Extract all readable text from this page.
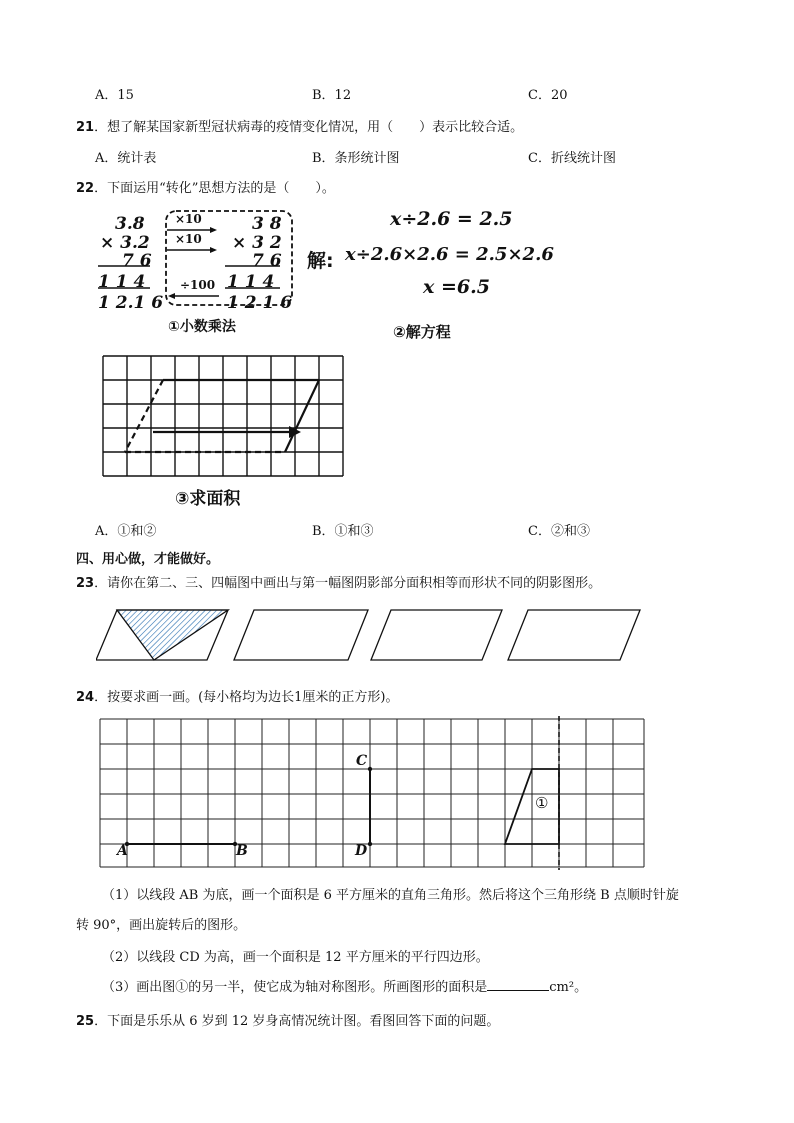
A．15	B．12	C．20
21．想了解某国家新型冠状病毒的疫情变化情况，用（　　）表示比较合适。
A．统计表	B．条形统计图	C．折线统计图
22．下面运用“转化”思想方法的是（　　）。
3.8
× 3.2
7 6
1 1 4
1 2.1 6
×10
×10
÷100
3 8
× 3 2
7 6
1 1 4
1 2 1 6
①小数乘法
x÷2.6 = 2.5
解: x÷2.6×2.6 = 2.5×2.6
x =6.5
②解方程
③求面积
A．①和②	B．①和③	C．②和③
四、用心做，才能做好。
23．请你在第二、三、四幅图中画出与第一幅图阴影部分面积相等而形状不同的阴影图形。
24．按要求画一画。(每小格均为边长1厘米的正方形)。
A	B
C
D
①
（1）以线段 AB 为底，画一个面积是 6 平方厘米的直角三角形。然后将这个三角形绕 B 点顺时针旋
转 90°，画出旋转后的图形。
（2）以线段 CD 为高，画一个面积是 12 平方厘米的平行四边形。
（3）画出图①的另一半，使它成为轴对称图形。所画图形的面积是	cm²。
25．下面是乐乐从 6 岁到 12 岁身高情况统计图。看图回答下面的问题。
